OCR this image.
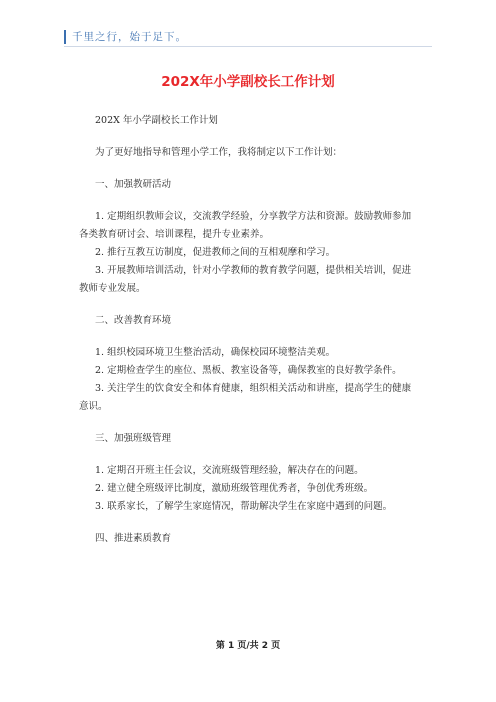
千里之行，始于足下。
202X年小学副校长工作计划

202X 年小学副校长工作计划

为了更好地指导和管理小学工作，我将制定以下工作计划：

一、加强教研活动

1. 定期组织教师会议，交流教学经验，分享教学方法和资源。鼓励教师参加各类教育研讨会、培训课程，提升专业素养。

2. 推行互教互访制度，促进教师之间的互相观摩和学习。

3. 开展教师培训活动，针对小学教师的教育教学问题，提供相关培训，促进教师专业发展。

二、改善教育环境

1. 组织校园环境卫生整治活动，确保校园环境整洁美观。

2. 定期检查学生的座位、黑板、教室设备等，确保教室的良好教学条件。

3. 关注学生的饮食安全和体育健康，组织相关活动和讲座，提高学生的健康意识。

三、加强班级管理

1. 定期召开班主任会议，交流班级管理经验，解决存在的问题。

2. 建立健全班级评比制度，激励班级管理优秀者，争创优秀班级。

3. 联系家长，了解学生家庭情况，帮助解决学生在家庭中遇到的问题。

四、推进素质教育

第 1 页/共 2 页
